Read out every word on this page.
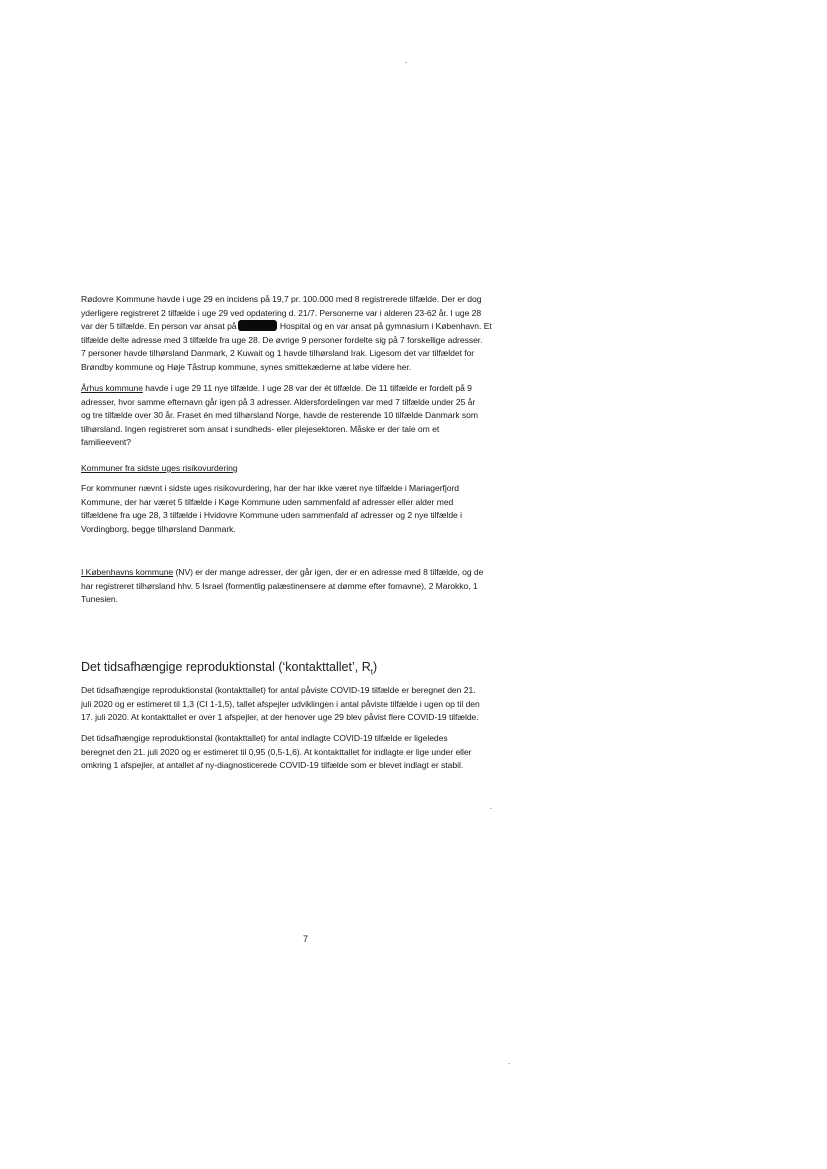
Rødovre Kommune havde i uge 29 en incidens på 19,7 pr. 100.000 med 8 registrerede tilfælde. Der er dog
yderligere registreret 2 tilfælde i uge 29 ved opdatering d. 21/7. Personerne var i alderen 23-62 år. I uge 28
var der 5 tilfælde. En person var ansat på	Hospital og en var ansat på gymnasium i København. Et
tilfælde delte adresse med 3 tilfælde fra uge 28. De øvrige 9 personer fordelte sig på 7 forskellige adresser.
7 personer havde tilhørsland Danmark, 2 Kuwait og 1 havde tilhørsland Irak. Ligesom det var tilfældet for
Brøndby kommune og Høje Tåstrup kommune, synes smittekæderne at løbe videre her.

Århus kommune havde i uge 29 11 nye tilfælde. I uge 28 var der ét tilfælde. De 11 tilfælde er fordelt på 9
adresser, hvor samme efternavn går igen på 3 adresser. Aldersfordelingen var med 7 tilfælde under 25 år
og tre tilfælde over 30 år. Fraset én med tilhørsland Norge, havde de resterende 10 tilfælde Danmark som
tilhørsland. Ingen registreret som ansat i sundheds- eller plejesektoren. Måske er der tale om et
familieevent?

Kommuner fra sidste uges risikovurdering

For kommuner nævnt i sidste uges risikovurdering, har der har ikke været nye tilfælde i Mariagerfjord
Kommune, der har været 5 tilfælde i Køge Kommune uden sammenfald af adresser eller alder med
tilfældene fra uge 28, 3 tilfælde i Hvidovre Kommune uden sammenfald af adresser og 2 nye tilfælde i
Vordingborg, begge tilhørsland Danmark.

I Københavns kommune (NV) er der mange adresser, der går igen, der er en adresse med 8 tilfælde, og de
har registreret tilhørsland hhv. 5 Israel (formentlig palæstinensere at dømme efter fornavne), 2 Marokko, 1
Tunesien.

Det tidsafhængige reproduktionstal (‘kontakttallet’, $R_t$)

Det tidsafhængige reproduktionstal (kontakttallet) for antal påviste COVID-19 tilfælde er beregnet den 21.
juli 2020 og er estimeret til 1,3 (CI 1-1,5), tallet afspejler udviklingen i antal påviste tilfælde i ugen op til den
17. juli 2020. At kontakttallet er over 1 afspejler, at der henover uge 29 blev påvist flere COVID-19 tilfælde.

Det tidsafhængige reproduktionstal (kontakttallet) for antal indlagte COVID-19 tilfælde er ligeledes
beregnet den 21. juli 2020 og er estimeret til 0,95 (0,5-1,6). At kontakttallet for indlagte er lige under eller
omkring 1 afspejler, at antallet af ny-diagnosticerede COVID-19 tilfælde som er blevet indlagt er stabil.

7
